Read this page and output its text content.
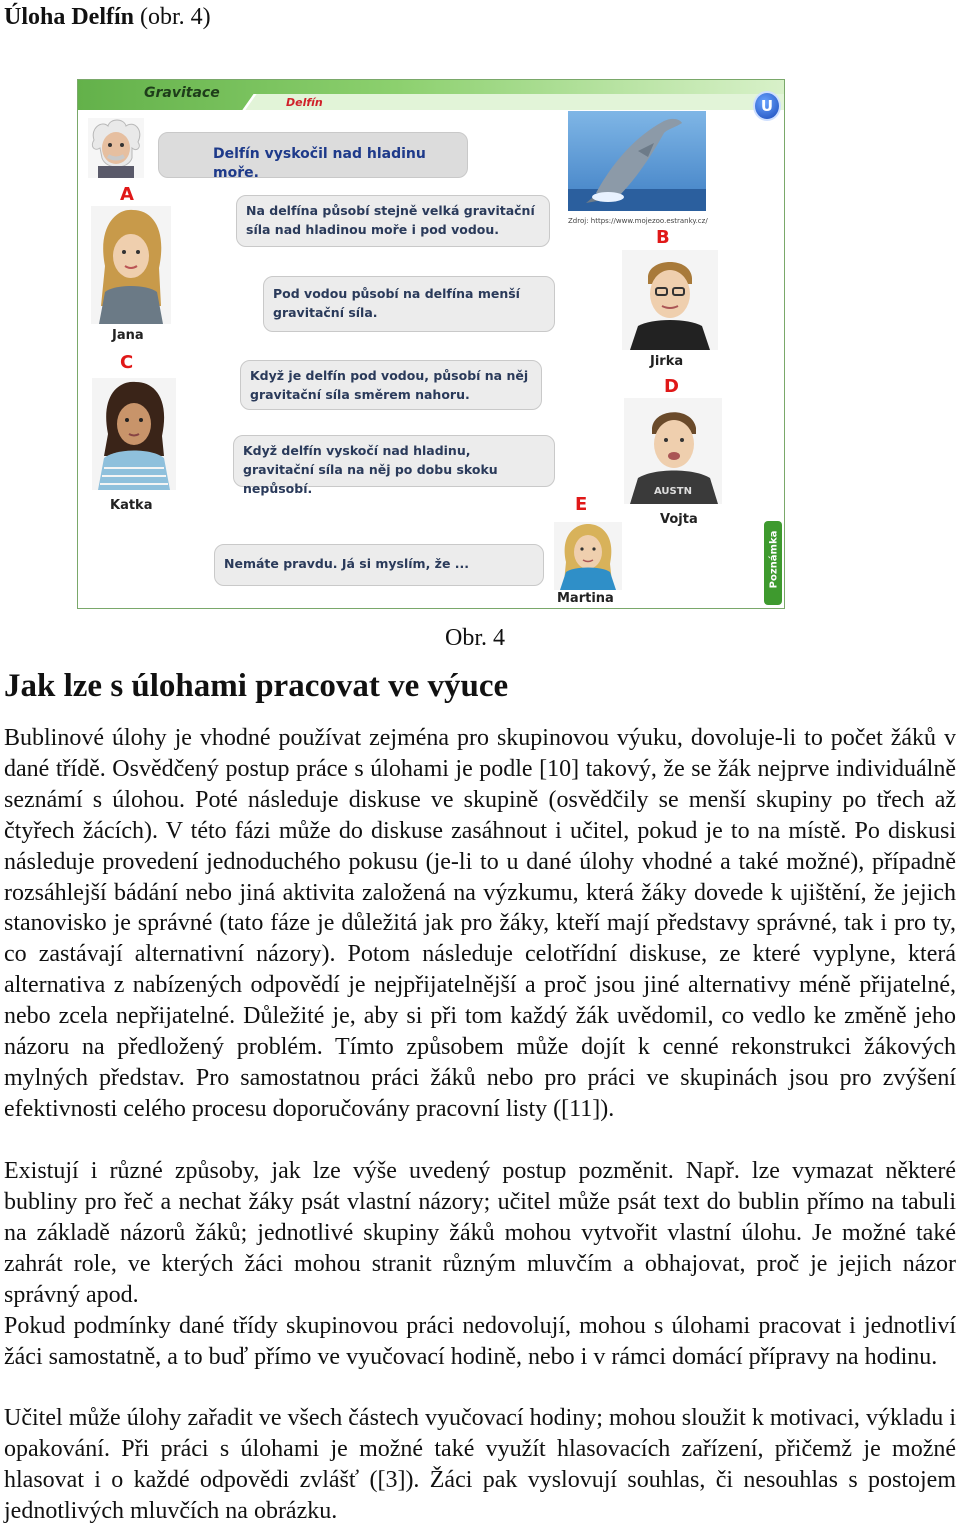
Úloha Delfín (obr. 4)
Gravitace
Delfín	U
Poznámka
Delfín vyskočil nad hladinu moře.
Zdroj: https://www.mojezoo.estranky.cz/
A
Jana
Na delfína působí stejně velká gravitační síla nad hladinou moře i pod vodou.	B
Jirka
Pod vodou působí na delfína menší gravitační síla.
C
Katka
Když je delfín pod vodou, působí na něj gravitační síla směrem nahoru.	D
AUSTN
Vojta
Když delfín vyskočí nad hladinu, gravitační síla na něj po dobu skoku nepůsobí.
E
Martina
Nemáte pravdu. Já si myslím, že ...
Obr. 4
Jak lze s úlohami pracovat ve výuce
Bublinové úlohy je vhodné používat zejména pro skupinovou výuku, dovoluje-li to počet žáků v dané třídě. Osvědčený postup práce s úlohami je podle [10] takový, že se žák nejprve individuálně seznámí s úlohou. Poté následuje diskuse ve skupině (osvědčily se menší skupiny po třech až čtyřech žácích). V této fázi může do diskuse zasáhnout i učitel, pokud je to na místě. Po diskusi následuje provedení jednoduchého pokusu (je-li to u dané úlohy vhodné a také možné), případně rozsáhlejší bádání nebo jiná aktivita založená na výzkumu, která žáky dovede k ujištění, že jejich stanovisko je správné (tato fáze je důležitá jak pro žáky, kteří mají představy správné, tak i pro ty, co zastávají alternativní názory). Potom následuje celotřídní diskuse, ze které vyplyne, která alternativa z nabízených odpovědí je nejpřijatelnější a proč jsou jiné alternativy méně přijatelné, nebo zcela nepřijatelné. Důležité je, aby si při tom každý žák uvědomil, co vedlo ke změně jeho názoru na předložený problém. Tímto způsobem může dojít k cenné rekonstrukci žákových mylných představ. Pro samostatnou práci žáků nebo pro práci ve skupinách jsou pro zvýšení efektivnosti celého procesu doporučovány pracovní listy ([11]).
Existují i různé způsoby, jak lze výše uvedený postup pozměnit. Např. lze vymazat některé bubliny pro řeč a nechat žáky psát vlastní názory; učitel může psát text do bublin přímo na tabuli na základě názorů žáků; jednotlivé skupiny žáků mohou vytvořit vlastní úlohu. Je možné také zahrát role, ve kterých žáci mohou stranit různým mluvčím a obhajovat, proč je jejich názor správný apod.
Pokud podmínky dané třídy skupinovou práci nedovolují, mohou s úlohami pracovat i jednotliví žáci samostatně, a to buď přímo ve vyučovací hodině, nebo i v rámci domácí přípravy na hodinu.
Učitel může úlohy zařadit ve všech částech vyučovací hodiny; mohou sloužit k motivaci, výkladu i opakování. Při práci s úlohami je možné také využít hlasovacích zařízení, přičemž je možné hlasovat i o každé odpovědi zvlášť ([3]). Žáci pak vyslovují souhlas, či nesouhlas s postojem jednotlivých mluvčích na obrázku.
